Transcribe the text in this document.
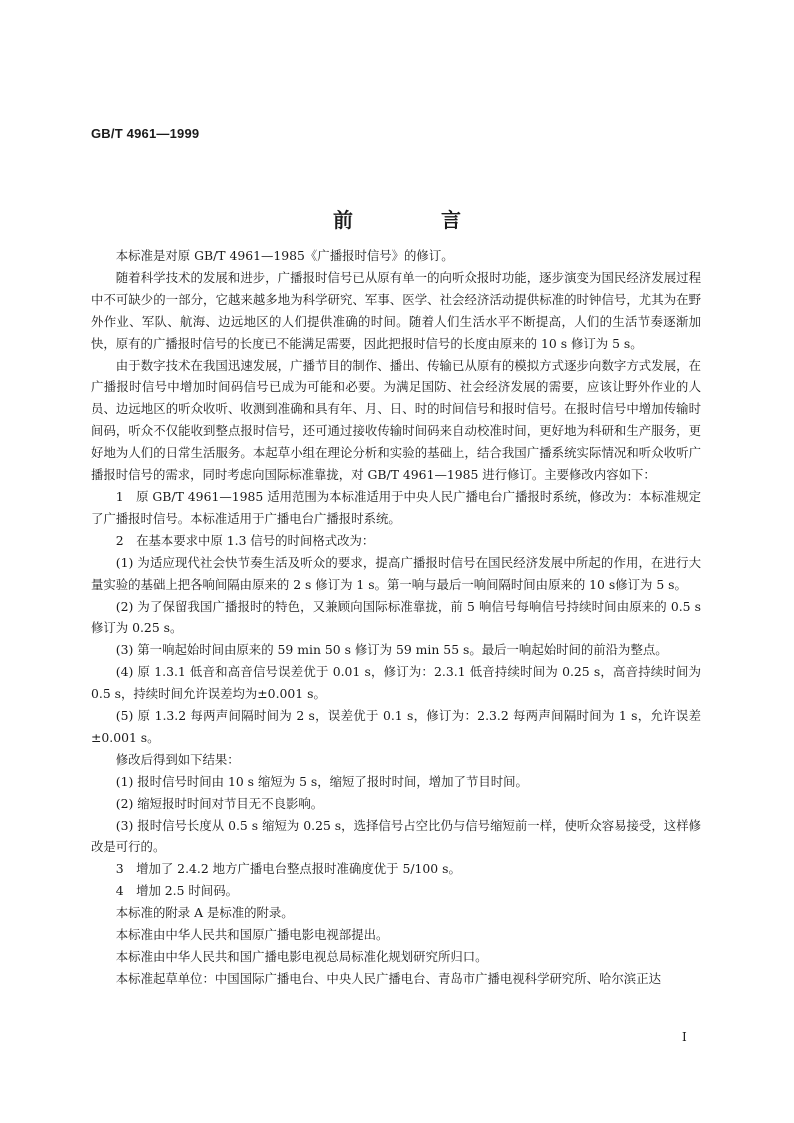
GB/T 4961—1999
前　言

本标准是对原 GB/T 4961—1985《广播报时信号》的修订。

随着科学技术的发展和进步，广播报时信号已从原有单一的向听众报时功能，逐步演变为国民经济发展过程中不可缺少的一部分，它越来越多地为科学研究、军事、医学、社会经济活动提供标准的时钟信号，尤其为在野外作业、军队、航海、边远地区的人们提供准确的时间。随着人们生活水平不断提高，人们的生活节奏逐渐加快，原有的广播报时信号的长度已不能满足需要，因此把报时信号的长度由原来的 10 s 修订为 5 s。

由于数字技术在我国迅速发展，广播节目的制作、播出、传输已从原有的模拟方式逐步向数字方式发展，在广播报时信号中增加时间码信号已成为可能和必要。为满足国防、社会经济发展的需要，应该让野外作业的人员、边远地区的听众收听、收测到准确和具有年、月、日、时的时间信号和报时信号。在报时信号中增加传输时间码，听众不仅能收到整点报时信号，还可通过接收传输时间码来自动校准时间，更好地为科研和生产服务，更好地为人们的日常生活服务。本起草小组在理论分析和实验的基础上，结合我国广播系统实际情况和听众收听广播报时信号的需求，同时考虑向国际标准靠拢，对 GB/T 4961—1985 进行修订。主要修改内容如下：

1　原 GB/T 4961—1985 适用范围为本标准适用于中央人民广播电台广播报时系统，修改为：本标准规定了广播报时信号。本标准适用于广播电台广播报时系统。

2　在基本要求中原 1.3 信号的时间格式改为：

(1) 为适应现代社会快节奏生活及听众的要求，提高广播报时信号在国民经济发展中所起的作用，在进行大量实验的基础上把各响间隔由原来的 2 s 修订为 1 s。第一响与最后一响间隔时间由原来的 10 s修订为 5 s。

(2) 为了保留我国广播报时的特色，又兼顾向国际标准靠拢，前 5 响信号每响信号持续时间由原来的 0.5 s 修订为 0.25 s。

(3) 第一响起始时间由原来的 59 min 50 s 修订为 59 min 55 s。最后一响起始时间的前沿为整点。

(4) 原 1.3.1 低音和高音信号误差优于 0.01 s，修订为：2.3.1 低音持续时间为 0.25 s，高音持续时间为 0.5 s，持续时间允许误差均为±0.001 s。

(5) 原 1.3.2 每两声间隔时间为 2 s，误差优于 0.1 s，修订为：2.3.2 每两声间隔时间为 1 s，允许误差±0.001 s。

修改后得到如下结果：

(1) 报时信号时间由 10 s 缩短为 5 s，缩短了报时时间，增加了节目时间。

(2) 缩短报时时间对节目无不良影响。

(3) 报时信号长度从 0.5 s 缩短为 0.25 s，选择信号占空比仍与信号缩短前一样，使听众容易接受，这样修改是可行的。

3　增加了 2.4.2 地方广播电台整点报时准确度优于 5/100 s。

4　增加 2.5 时间码。

本标准的附录 A 是标准的附录。

本标准由中华人民共和国原广播电影电视部提出。

本标准由中华人民共和国广播电影电视总局标准化规划研究所归口。

本标准起草单位：中国国际广播电台、中央人民广播电台、青岛市广播电视科学研究所、哈尔滨正达

I
